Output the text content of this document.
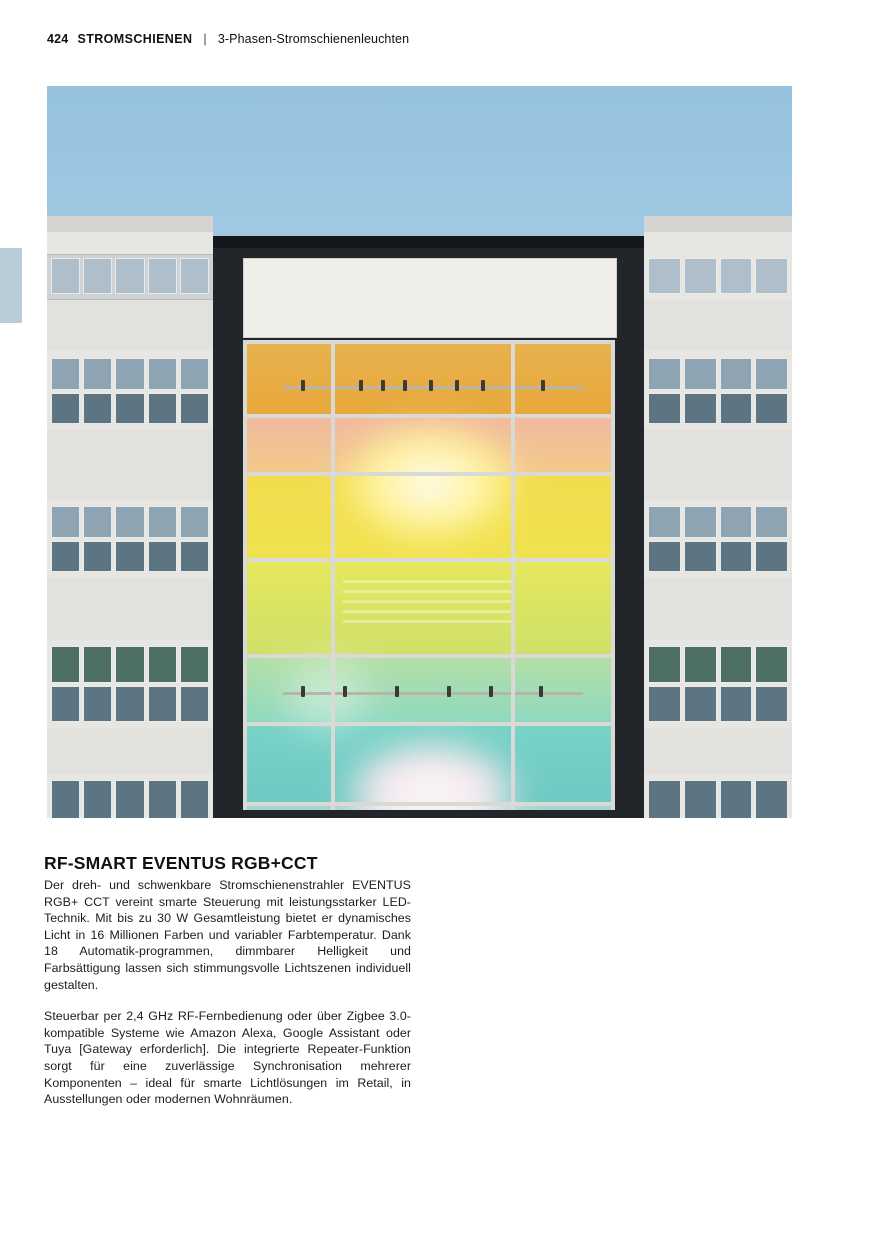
424 STROMSCHIENEN | 3-Phasen-Stromschienenleuchten
RF-SMART EVENTUS RGB+CCT

Der dreh- und schwenkbare Stromschienenstrahler EVENTUS RGB+ CCT vereint smarte Steuerung mit leistungsstarker LED-Technik. Mit bis zu 30 W Gesamtleistung bietet er dynamisches Licht in 16 Millionen Farben und variabler Farbtemperatur. Dank 18 Automatik-programmen, dimmbarer Helligkeit und Farbsättigung lassen sich stimmungsvolle Lichtszenen individuell gestalten.

Steuerbar per 2,4 GHz RF-Fernbedienung oder über Zigbee 3.0-kompatible Systeme wie Amazon Alexa, Google Assistant oder Tuya [Gateway erforderlich]. Die integrierte Repeater-Funktion sorgt für eine zuverlässige Synchronisation mehrerer Komponenten – ideal für smarte Lichtlösungen im Retail, in Ausstellungen oder modernen Wohnräumen.
